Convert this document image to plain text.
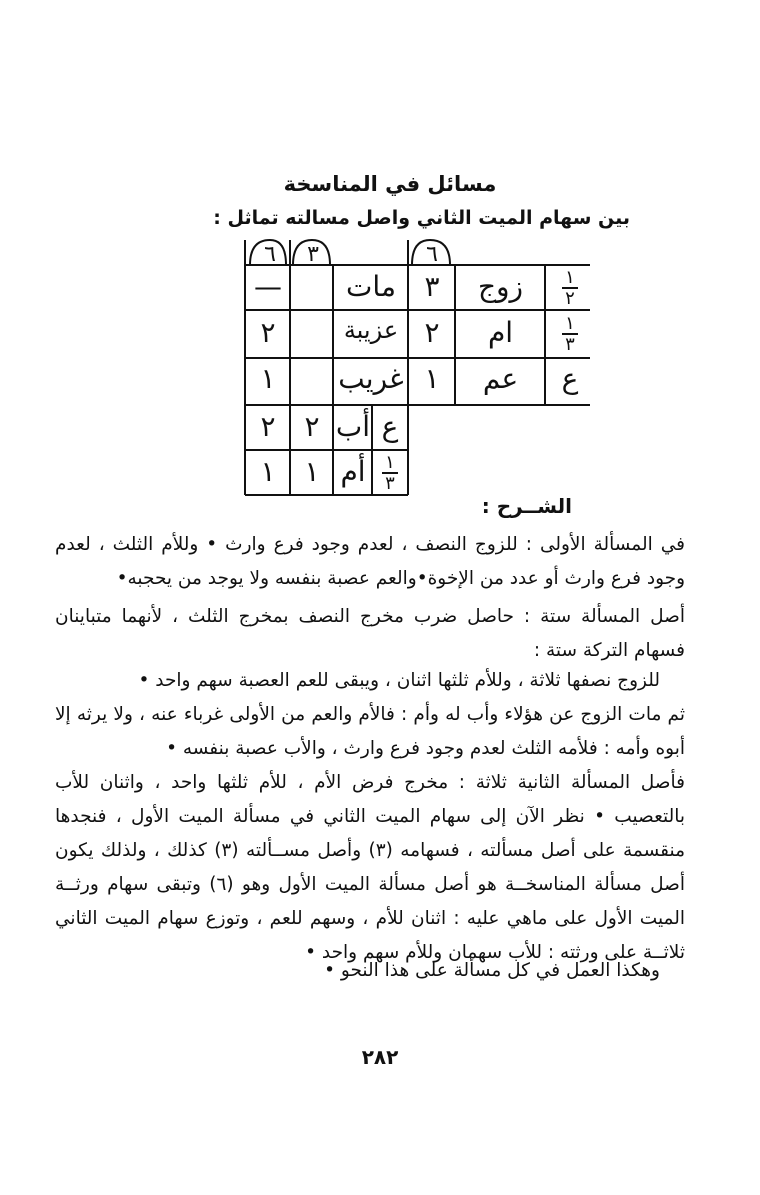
مسائل في المناسخة
بين سهام الميت الثاني واصل مسالته تماثل :
٦	٣	٦
١
٢
زوج
٣
مات
—
١
٣
ام
٢
عزيبة
٢
ع
عم
١
غريب
١
ع
أب
٢
٢
١
٣
أم
١
١
الشــرح :
في المسألة الأولى : للزوج النصف ، لعدم وجود فرع وارث • وللأم الثلث ، لعدم وجود فرع وارث أو عدد من الإخوة•والعم عصبة بنفسه ولا يوجد من يحجبه•
أصل المسألة ستة : حاصل ضرب مخرج النصف بمخرج الثلث ، لأنهما متباينان فسهام التركة ستة :
للزوج نصفها ثلاثة ، وللأم ثلثها اثنان ، ويبقى للعم العصبة سهم واحد •
ثم مات الزوج عن هؤلاء وأب له وأم : فالأم والعم من الأولى غرباء عنه ، ولا يرثه إلا أبوه وأمه : فلأمه الثلث لعدم وجود فرع وارث ، والأب عصبة بنفسه •
فأصل المسألة الثانية ثلاثة : مخرج فرض الأم ، للأم ثلثها واحد ، واثنان للأب بالتعصيب • نظر الآن إلى سهام الميت الثاني في مسألة الميت الأول ، فنجدها منقسمة على أصل مسألته ، فسهامه (٣) وأصل مســألته (٣) كذلك ، ولذلك يكون أصل مسألة المناسخــة هو أصل مسألة الميت الأول وهو (٦) وتبقى سهام ورثــة الميت الأول على ماهي عليه : اثنان للأم ، وسهم للعم ، وتوزع سهام الميت الثاني ثلاثــة على ورثته : للأب سهمان وللأم سهم واحد •
وهكذا العمل في كل مسألة على هذا النحو •
٢٨٢
